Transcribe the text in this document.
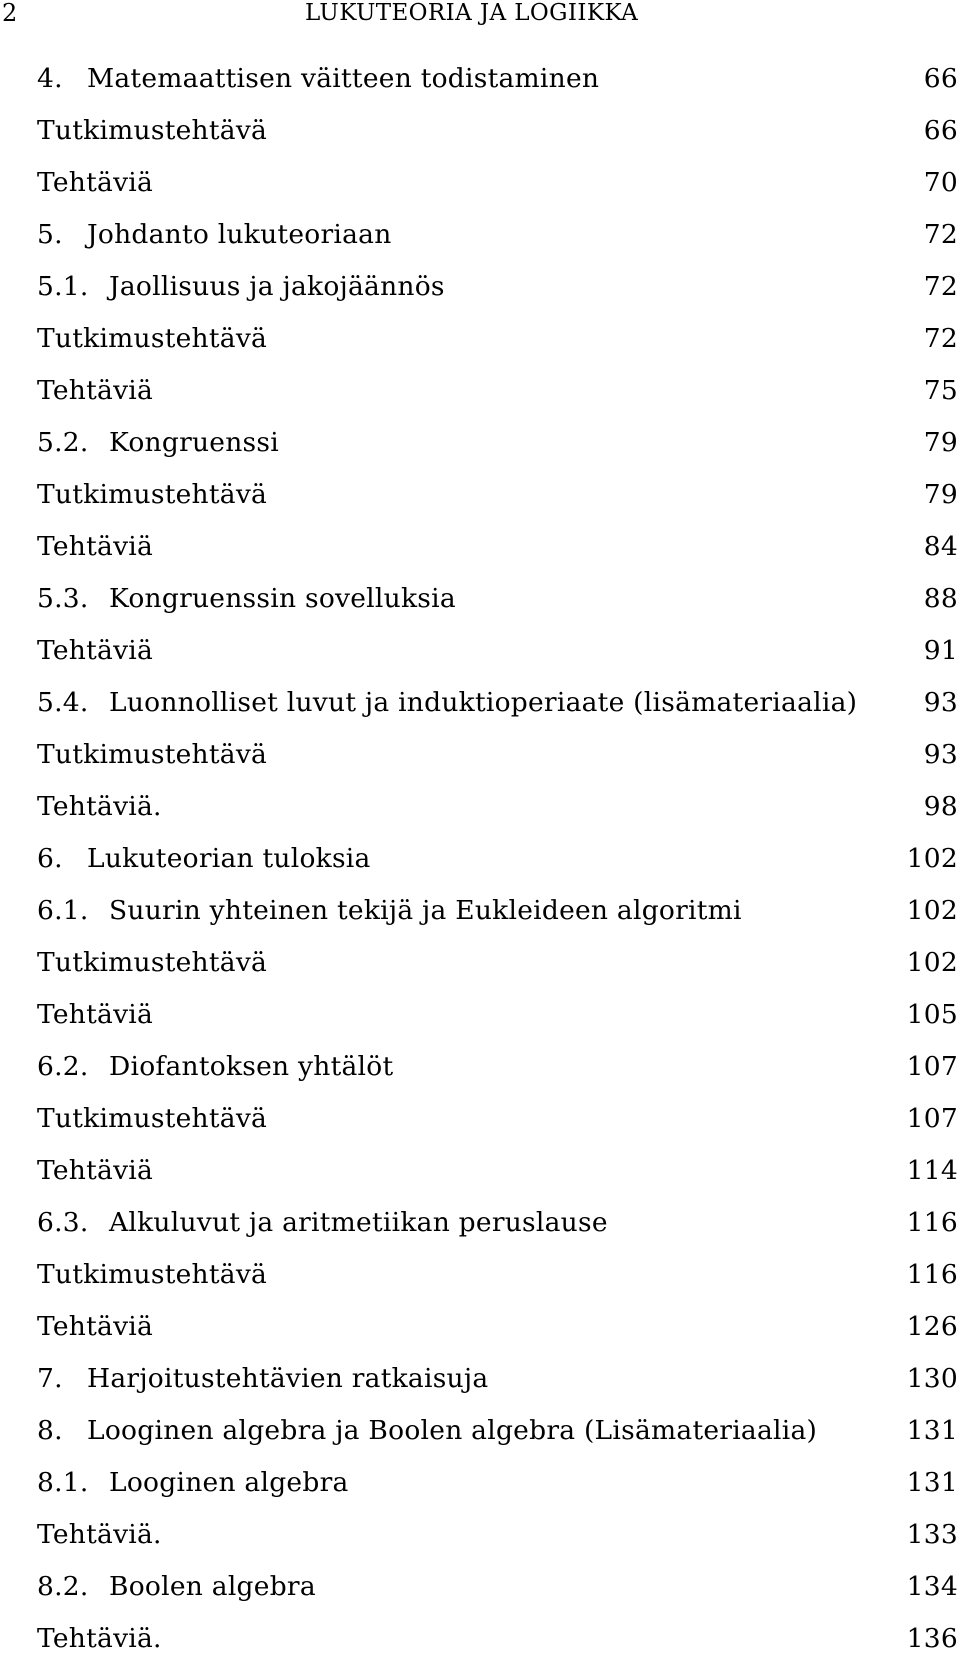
2	LUKUTEORIA JA LOGIIKKA
4. Matemaattisen väitteen todistaminen	66
Tutkimustehtävä	66
Tehtäviä	70
5. Johdanto lukuteoriaan	72
5.1. Jaollisuus ja jakojäännös	72
Tutkimustehtävä	72
Tehtäviä	75
5.2. Kongruenssi	79
Tutkimustehtävä	79
Tehtäviä	84
5.3. Kongruenssin sovelluksia	88
Tehtäviä	91
5.4. Luonnolliset luvut ja induktioperiaate (lisämateriaalia)	93
Tutkimustehtävä	93
Tehtäviä.	98
6. Lukuteorian tuloksia	102
6.1. Suurin yhteinen tekijä ja Eukleideen algoritmi	102
Tutkimustehtävä	102
Tehtäviä	105
6.2. Diofantoksen yhtälöt	107
Tutkimustehtävä	107
Tehtäviä	114
6.3. Alkuluvut ja aritmetiikan peruslause	116
Tutkimustehtävä	116
Tehtäviä	126
7. Harjoitustehtävien ratkaisuja	130
8. Looginen algebra ja Boolen algebra (Lisämateriaalia)	131
8.1. Looginen algebra	131
Tehtäviä.	133
8.2. Boolen algebra	134
Tehtäviä.	136
